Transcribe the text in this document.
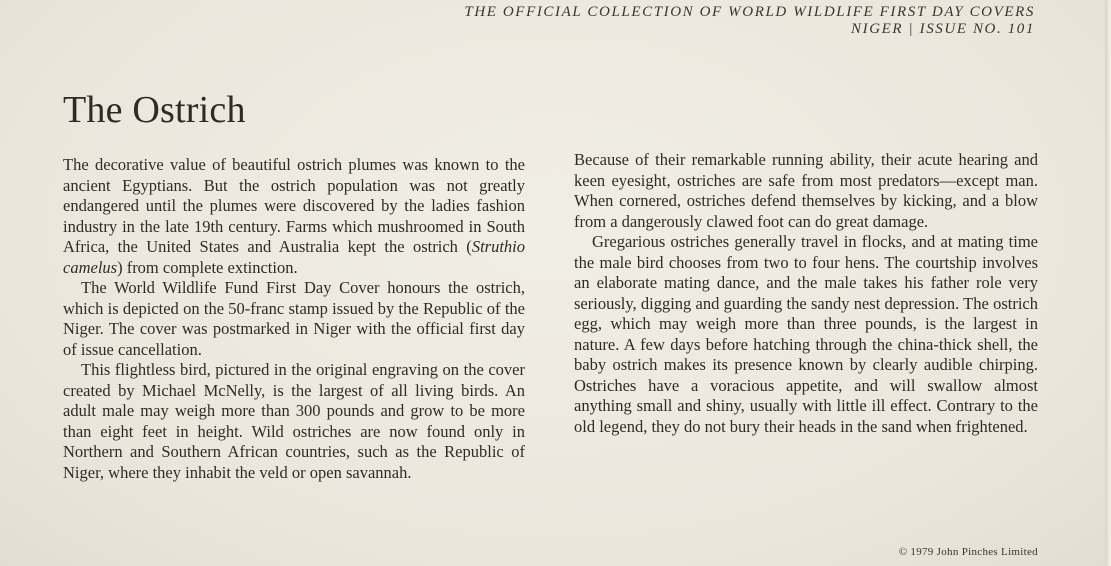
THE OFFICIAL COLLECTION OF WORLD WILDLIFE FIRST DAY COVERS
NIGER | ISSUE NO. 101
The Ostrich

The decorative value of beautiful ostrich plumes was known to the ancient Egyptians. But the ostrich population was not greatly endangered until the plumes were discovered by the ladies fashion industry in the late 19th century. Farms which mushroomed in South Africa, the United States and Australia kept the ostrich (Struthio camelus) from complete extinction.

The World Wildlife Fund First Day Cover honours the ostrich, which is depicted on the 50-franc stamp issued by the Republic of the Niger. The cover was postmarked in Niger with the official first day of issue cancellation.

This flightless bird, pictured in the original engraving on the cover created by Michael McNelly, is the largest of all living birds. An adult male may weigh more than 300 pounds and grow to be more than eight feet in height. Wild ostriches are now found only in Northern and Southern African countries, such as the Republic of Niger, where they inhabit the veld or open savannah.

Because of their remarkable running ability, their acute hearing and keen eyesight, ostriches are safe from most predators—except man. When cornered, ostriches defend themselves by kicking, and a blow from a dangerously clawed foot can do great damage.

Gregarious ostriches generally travel in flocks, and at mating time the male bird chooses from two to four hens. The courtship involves an elaborate mating dance, and the male takes his father role very seriously, digging and guarding the sandy nest depression. The ostrich egg, which may weigh more than three pounds, is the largest in nature. A few days before hatching through the china-thick shell, the baby ostrich makes its presence known by clearly audible chirping. Ostriches have a voracious appetite, and will swallow almost anything small and shiny, usually with little ill effect. Contrary to the old legend, they do not bury their heads in the sand when frightened.

© 1979 John Pinches Limited
